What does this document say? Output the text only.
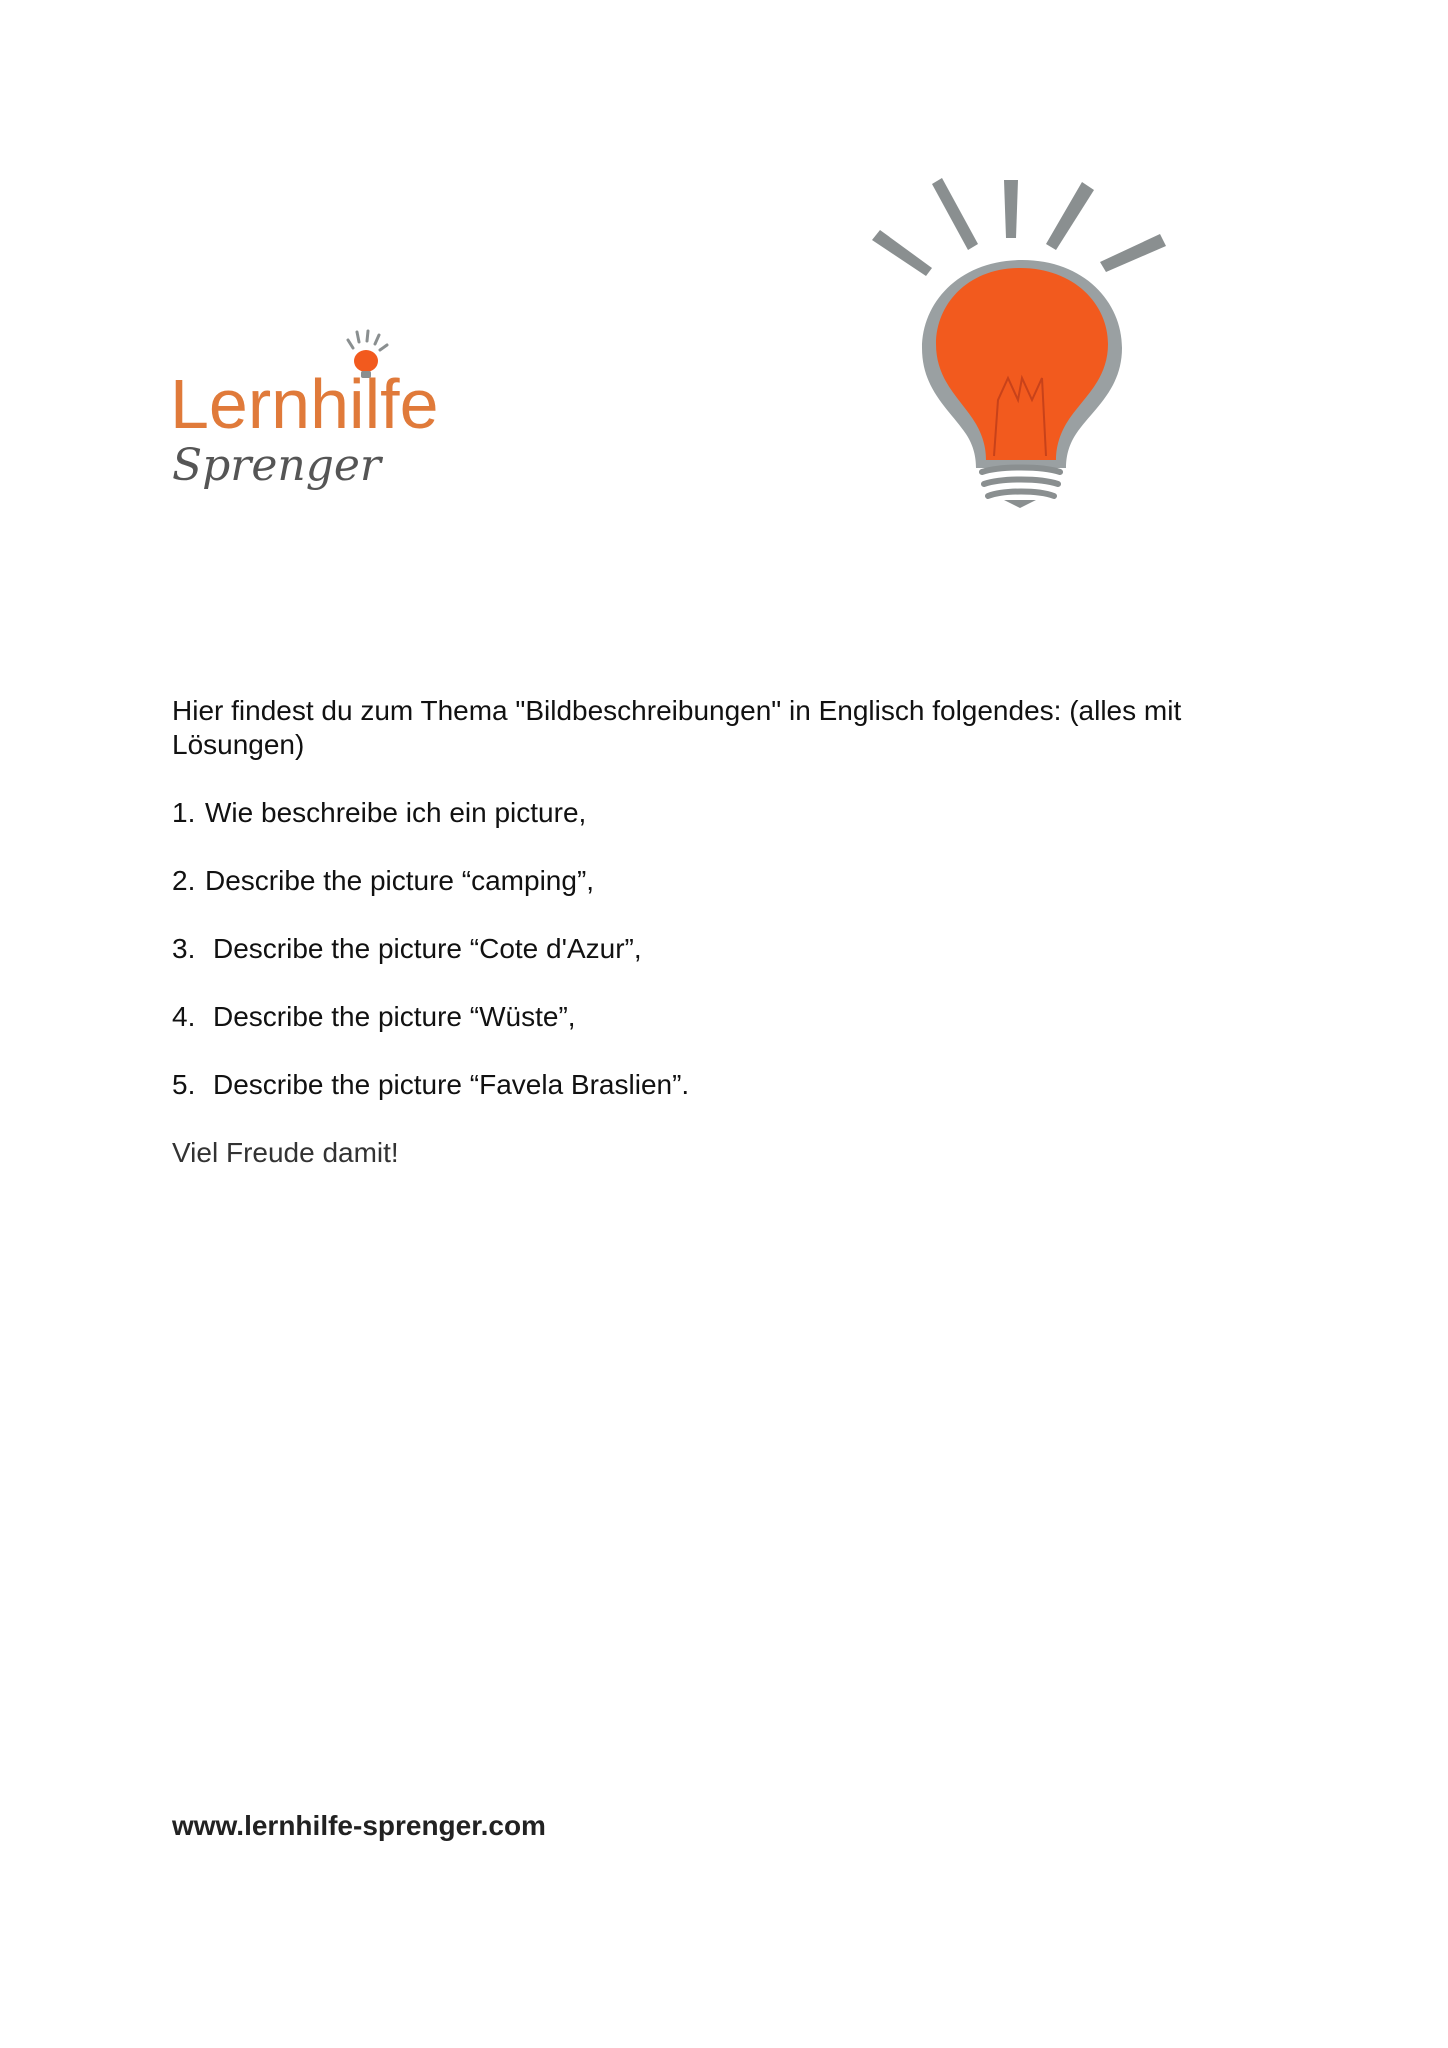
Lernhilfe
Sprenger

Hier findest du zum Thema "Bildbeschreibungen" in Englisch folgendes: (alles mit Lösungen)

1. Wie beschreibe ich ein picture,
2. Describe the picture “camping”,
3. Describe the picture “Cote d'Azur”,
4. Describe the picture “Wüste”,
5. Describe the picture “Favela Braslien”.

Viel Freude damit!

www.lernhilfe-sprenger.com
